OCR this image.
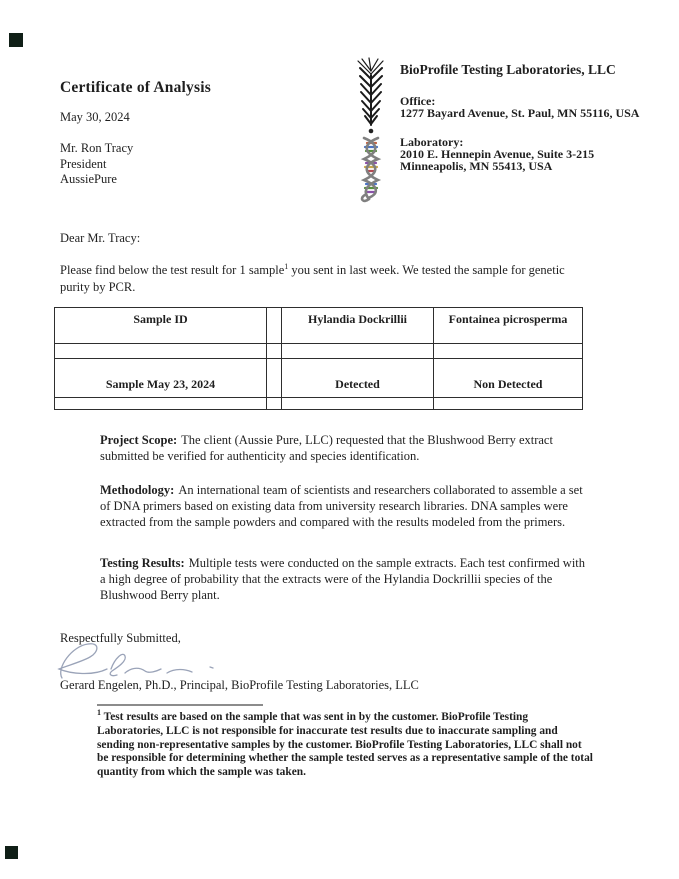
Certificate of Analysis
May 30, 2024
Mr. Ron Tracy
President
AussiePure
BioProfile Testing Laboratories, LLC
Office:
1277 Bayard Avenue, St. Paul, MN 55116, USA
Laboratory:
2010 E. Hennepin Avenue, Suite 3-215
Minneapolis, MN 55413, USA
Dear Mr. Tracy:
Please find below the test result for 1 sample$^1$ you sent in last week. We tested the sample for genetic purity by PCR.
Sample ID		Hylandia Dockrillii	Fontainea picrosperma

Sample May 23, 2024		Detected	Non Detected

Project Scope: The client (Aussie Pure, LLC) requested that the Blushwood Berry extract submitted be verified for authenticity and species identification.
Methodology: An international team of scientists and researchers collaborated to assemble a set of DNA primers based on existing data from university research libraries. DNA samples were extracted from the sample powders and compared with the results modeled from the primers.
Testing Results: Multiple tests were conducted on the sample extracts. Each test confirmed with a high degree of probability that the extracts were of the Hylandia Dockrillii species of the Blushwood Berry plant.
Respectfully Submitted,
Gerard Engelen, Ph.D., Principal, BioProfile Testing Laboratories, LLC
$^1$ Test results are based on the sample that was sent in by the customer. BioProfile Testing Laboratories, LLC is not responsible for inaccurate test results due to inaccurate sampling and sending non-representative samples by the customer. BioProfile Testing Laboratories, LLC shall not be responsible for determining whether the sample tested serves as a representative sample of the total quantity from which the sample was taken.
